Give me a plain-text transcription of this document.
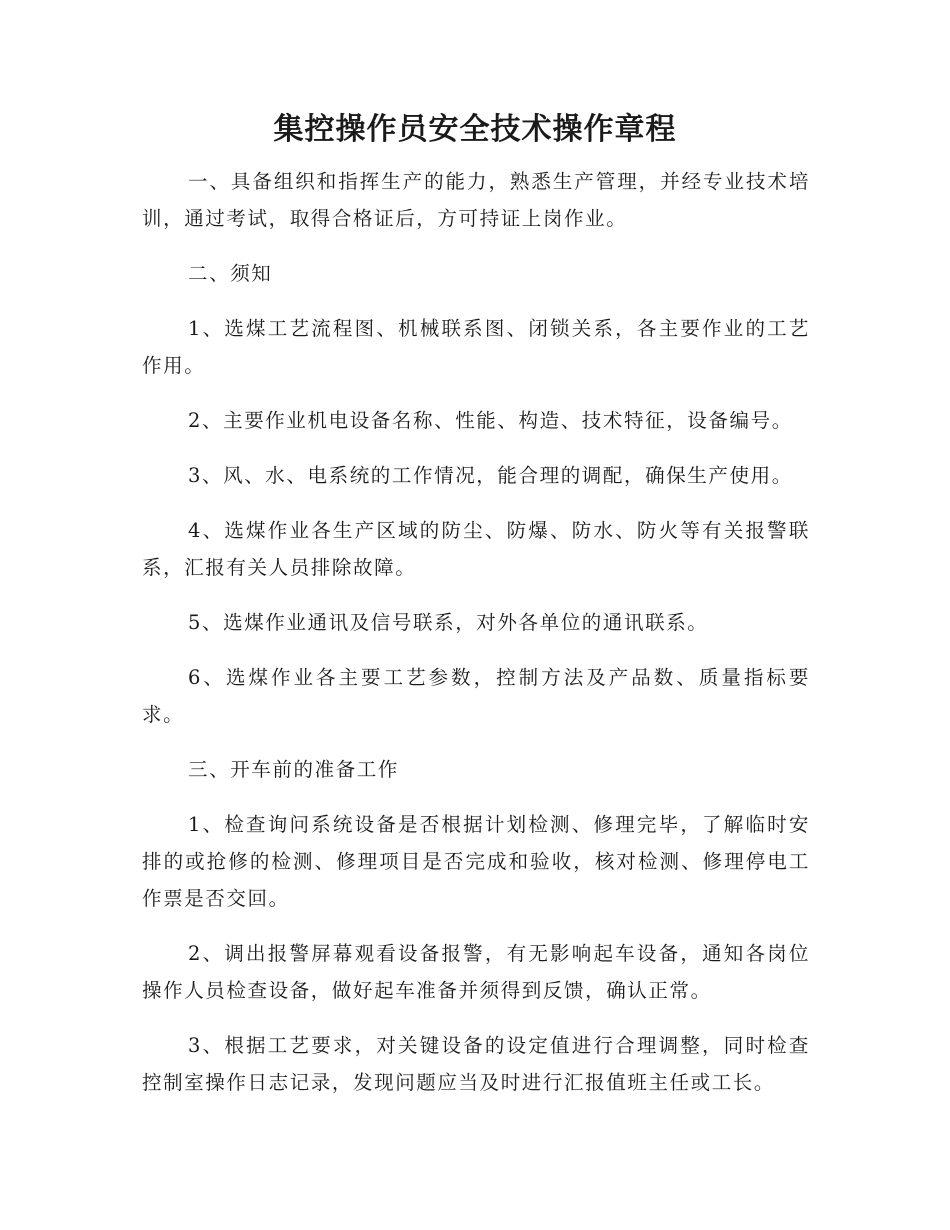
集控操作员安全技术操作章程

一、具备组织和指挥生产的能力，熟悉生产管理，并经专业技术培训，通过考试，取得合格证后，方可持证上岗作业。

二、须知

1、选煤工艺流程图、机械联系图、闭锁关系，各主要作业的工艺作用。

2、主要作业机电设备名称、性能、构造、技术特征，设备编号。

3、风、水、电系统的工作情况，能合理的调配，确保生产使用。

4、选煤作业各生产区域的防尘、防爆、防水、防火等有关报警联系，汇报有关人员排除故障。

5、选煤作业通讯及信号联系，对外各单位的通讯联系。

6、选煤作业各主要工艺参数，控制方法及产品数、质量指标要求。

三、开车前的准备工作

1、检查询问系统设备是否根据计划检测、修理完毕，了解临时安排的或抢修的检测、修理项目是否完成和验收，核对检测、修理停电工作票是否交回。

2、调出报警屏幕观看设备报警，有无影响起车设备，通知各岗位操作人员检查设备，做好起车准备并须得到反馈，确认正常。

3、根据工艺要求，对关键设备的设定值进行合理调整，同时检查控制室操作日志记录，发现问题应当及时进行汇报值班主任或工长。
